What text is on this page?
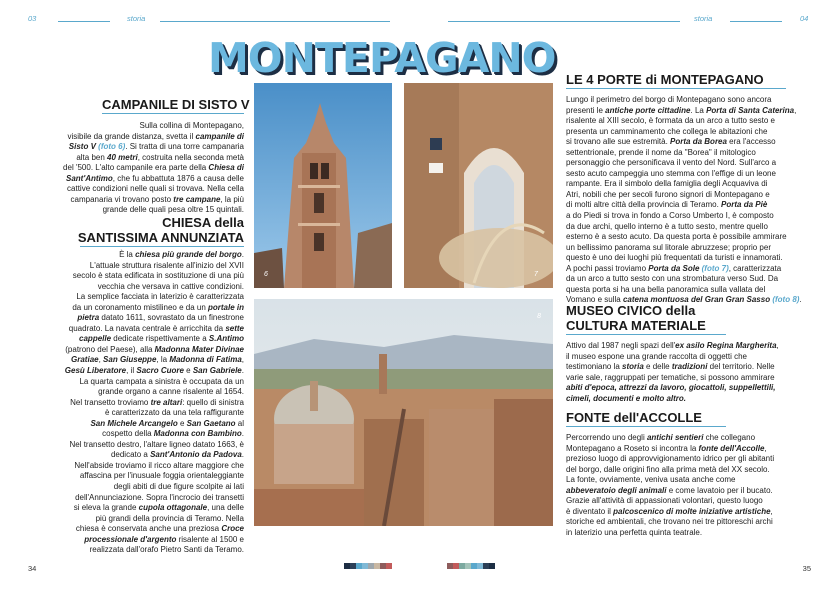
03	storia	storia	04
MONTEPAGANO
CAMPANILE DI SISTO V
Sulla collina di Montepagano,
visibile da grande distanza, svetta il campanile di
Sisto V (foto 6). Si tratta di una torre campanaria
alta ben 40 metri, costruita nella seconda metà
del '500. L'alto campanile era parte della Chiesa di
Sant'Antimo, che fu abbattuta 1876 a causa delle
cattive condizioni nelle quali si trovava. Nella cella
campanaria vi trovano posto tre campane, la più
grande delle quali pesa oltre 15 quintali.
CHIESA della
SANTISSIMA ANNUNZIATA
È la chiesa più grande del borgo.
L'attuale struttura risalente all'inizio del XVII
secolo è stata edificata in sostituzione di una più
vecchia che versava in cattive condizioni.
La semplice facciata in laterizio è caratterizzata
da un coronamento mistilineo e da un portale in
pietra datato 1611, sovrastato da un finestrone
quadrato. La navata centrale è arricchita da sette
cappelle dedicate rispettivamente a S.Antimo
(patrono del Paese), alla Madonna Mater Divinae
Gratiae, San Giuseppe, la Madonna di Fatima,
Gesù Liberatore, il Sacro Cuore e San Gabriele.
La quarta campata a sinistra è occupata da un
grande organo a canne risalente al 1654.
Nel transetto troviamo tre altari: quello di sinistra
è caratterizzato da una tela raffigurante
San Michele Arcangelo e San Gaetano al
cospetto della Madonna con Bambino.
Nel transetto destro, l'altare ligneo datato 1663, è
dedicato a Sant'Antonio da Padova.
Nell'abside troviamo il ricco altare maggiore che
affascina per l'inusuale foggia orientaleggiante
degli abiti di due figure scolpite ai lati
dell'Annunciazione. Sopra l'incrocio dei transetti
si eleva la grande cupola ottagonale, una delle
più grandi della provincia di Teramo. Nella
chiesa è conservata anche una preziosa Croce
processionale d'argento risalente al 1500 e
realizzata dall'orafo Pietro Santi da Teramo.
6	7
8
LE 4 PORTE di MONTEPAGANO
Lungo il perimetro del borgo di Montepagano sono ancora
presenti le antiche porte cittadine. La Porta di Santa Caterina,
risalente al XIII secolo, è formata da un arco a tutto sesto e
presenta un camminamento che collega le abitazioni che
si trovano alle sue estremità. Porta da Borea era l'accesso
settentrionale, prende il nome da "Borea" il mitologico
personaggio che personificava il vento del Nord. Sull'arco a
sesto acuto campeggia uno stemma con l'effige di un leone
rampante. Era il simbolo della famiglia degli Acquaviva di
Atri, nobili che per secoli furono signori di Montepagano e
di molti altre città della provincia di Teramo. Porta da Piè
a do Piedi si trova in fondo a Corso Umberto I, è composto
da due archi, quello interno è a tutto sesto, mentre quello
esterno è a sesto acuto. Da questa porta è possibile ammirare
un bellissimo panorama sul litorale abruzzese; proprio per
questo è uno dei luoghi più frequentati da turisti e innamorati.
A pochi passi troviamo Porta da Sole (foto 7), caratterizzata
da un arco a tutto sesto con una strombatura verso Sud. Da
questa porta si ha una bella panoramica sulla vallata del
Vomano e sulla catena montuosa del Gran Gran Sasso (foto 8).
MUSEO CIVICO della
CULTURA MATERIALE
Attivo dal 1987 negli spazi dell'ex asilo Regina Margherita,
il museo espone una grande raccolta di oggetti che
testimoniano la storia e delle tradizioni del territorio. Nelle
varie sale, raggruppati per tematiche, si possono ammirare
abiti d'epoca, attrezzi da lavoro, giocattoli, suppellettili,
cimeli, documenti e molto altro.
FONTE dell'ACCOLLE
Percorrendo uno degli antichi sentieri che collegano
Montepagano a Roseto si incontra la fonte dell'Accolle,
prezioso luogo di approvvigionamento idrico per gli abitanti
del borgo, dalle origini fino alla prima metà del XX secolo.
La fonte, ovviamente, veniva usata anche come
abbeveratoio degli animali e come lavatoio per il bucato.
Grazie all'attività di appassionati volontari, questo luogo
è diventato il palcoscenico di molte iniziative artistiche,
storiche ed ambientali, che trovano nei tre pittoreschi archi
in laterizio una perfetta quinta teatrale.
34	35
